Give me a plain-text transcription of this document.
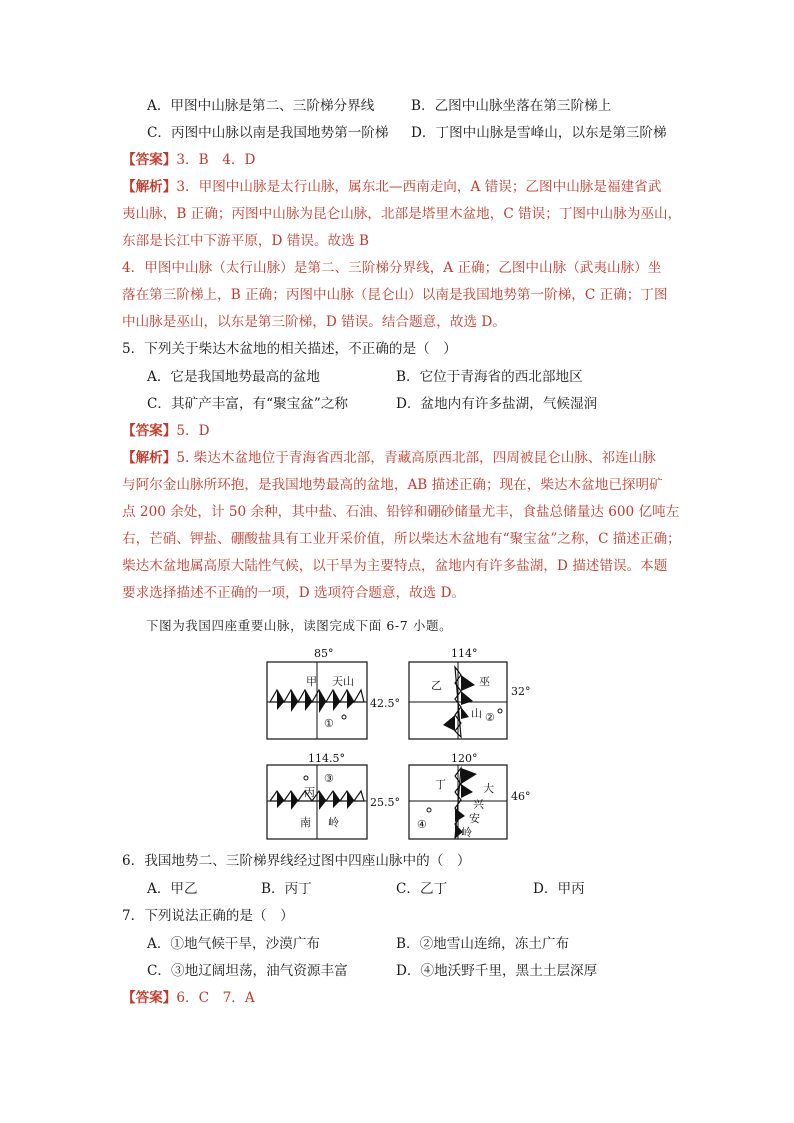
A．甲图中山脉是第二、三阶梯分界线	B．乙图中山脉坐落在第三阶梯上
C．丙图中山脉以南是我国地势第一阶梯 D．丁图中山脉是雪峰山，以东是第三阶梯
【答案】3．B　4．D
【解析】3．甲图中山脉是太行山脉，属东北—西南走向，A 错误；乙图中山脉是福建省武
夷山脉，B 正确；丙图中山脉为昆仑山脉，北部是塔里木盆地，C 错误；丁图中山脉为巫山，
东部是长江中下游平原，D 错误。故选 B
4．甲图中山脉（太行山脉）是第二、三阶梯分界线，A 正确；乙图中山脉（武夷山脉）坐
落在第三阶梯上，B 正确；丙图中山脉（昆仑山）以南是我国地势第一阶梯，C 正确；丁图
中山脉是巫山，以东是第三阶梯，D 错误。结合题意，故选 D。
5．下列关于柴达木盆地的相关描述，不正确的是（　）
A．它是我国地势最高的盆地	B．它位于青海省的西北部地区
C．其矿产丰富，有“聚宝盆”之称	D．盆地内有许多盐湖，气候湿润
【答案】5．D
【解析】5. 柴达木盆地位于青海省西北部，青藏高原西北部，四周被昆仑山脉、祁连山脉
与阿尔金山脉所环抱，是我国地势最高的盆地，AB 描述正确；现在，柴达木盆地已探明矿
点 200 余处，计 50 余种，其中盐、石油、铅锌和硼砂储量尤丰，食盐总储量达 600 亿吨左
右，芒硝、钾盐、硼酸盐具有工业开采价值，所以柴达木盆地有“聚宝盆”之称，C 描述正确；
柴达木盆地属高原大陆性气候，以干旱为主要特点，盆地内有许多盐湖，D 描述错误。本题
要求选择描述不正确的一项，D 选项符合题意，故选 D。
下图为我国四座重要山脉，读图完成下面 6-7 小题。
85°
甲 天山
42.5°
①
114°
乙	巫
山
32°
②
114.5°
③
丙
南 岭
25.5°
120°
丁	大
兴
安
岭
46°
④
6．我国地势二、三阶梯界线经过图中四座山脉中的（　）
A．甲乙	B．丙丁	C．乙丁	D．甲丙
7．下列说法正确的是（　）
A．①地气候干旱，沙漠广布	B．②地雪山连绵，冻土广布
C．③地辽阔坦荡，油气资源丰富	D．④地沃野千里，黑土土层深厚
【答案】6．C　7．A
